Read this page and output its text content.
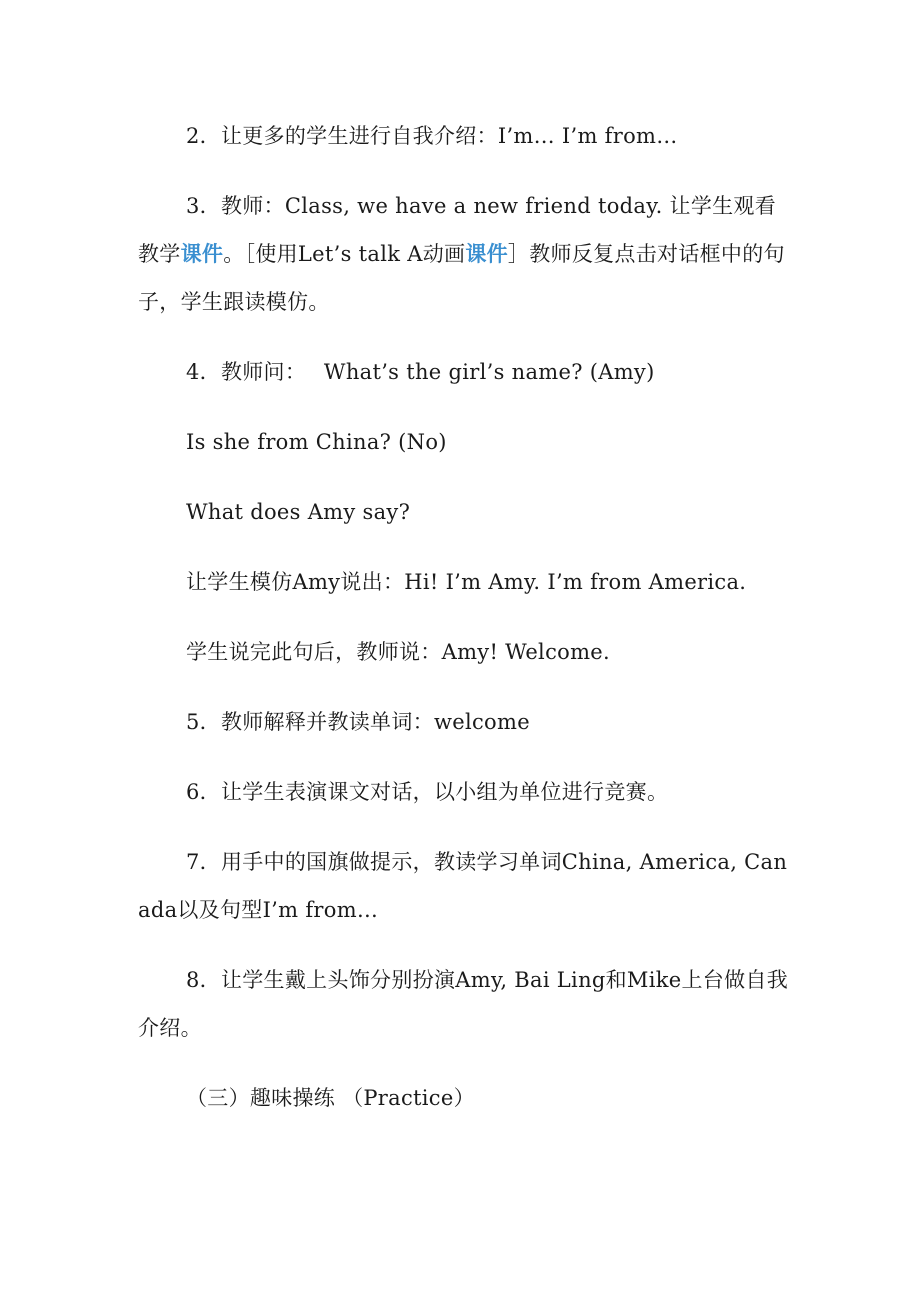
2．让更多的学生进行自我介绍：I’m… I’m from…

3．教师：Class, we have a new friend today. 让学生观看教学课件。［使用Let’s talk A动画课件］教师反复点击对话框中的句子，学生跟读模仿。

4．教师问：　 What’s the girl’s name? (Amy)

Is she from China? (No)

What does Amy say?

让学生模仿Amy说出：Hi! I’m Amy. I’m from America.

学生说完此句后，教师说：Amy! Welcome.

5．教师解释并教读单词：welcome

6．让学生表演课文对话，以小组为单位进行竞赛。

7．用手中的国旗做提示，教读学习单词China, America, Canada以及句型I’m from…

8．让学生戴上头饰分别扮演Amy, Bai Ling和Mike上台做自我介绍。

（三）趣味操练 （Practice）
